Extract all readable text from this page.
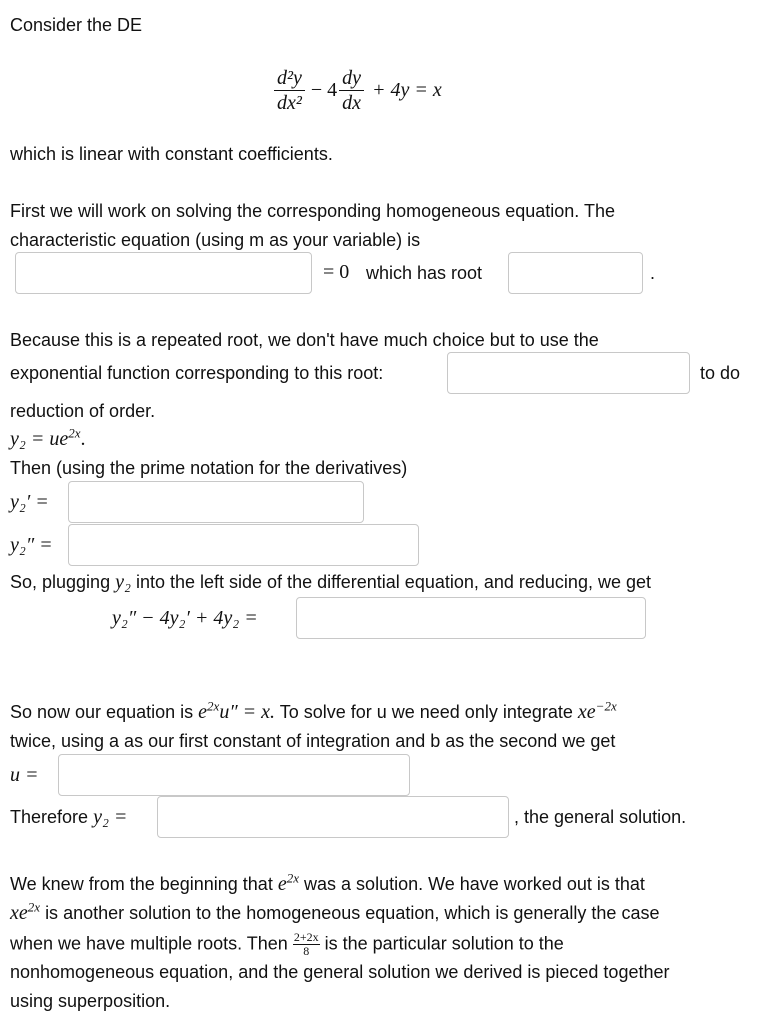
Consider the DE
$\frac{\text{d²y}}{\text{dx²}} - 4 \frac{dy}{dx} + 4y = x$
which is linear with constant coefficients.
First we will work on solving the corresponding homogeneous equation. The
characteristic equation (using m as your variable) is
= 0 which has root	.
Because this is a repeated root, we don't have much choice but to use the
exponential function corresponding to this root:	to do
reduction of order.
$y_2 = ue^{2x}$.
Then (using the prime notation for the derivatives)
y₂′ =
y₂″ =
So, plugging y₂ into the left side of the differential equation, and reducing, we get
y₂″ − 4y₂′ + 4y₂ =
So now our equation is $e^{2x}u'' = x$. To solve for u we need only integrate $xe^{-2x}$
twice, using a as our first constant of integration and b as the second we get
u =
Therefore y₂ =	, the general solution.
We knew from the beginning that $e^{2x}$ was a solution. We have worked out is that
$xe^{2x}$ is another solution to the homogeneous equation, which is generally the case
when we have multiple roots. Then $\frac{2+2x}{8}$ is the particular solution to the
nonhomogeneous equation, and the general solution we derived is pieced together
using superposition.
